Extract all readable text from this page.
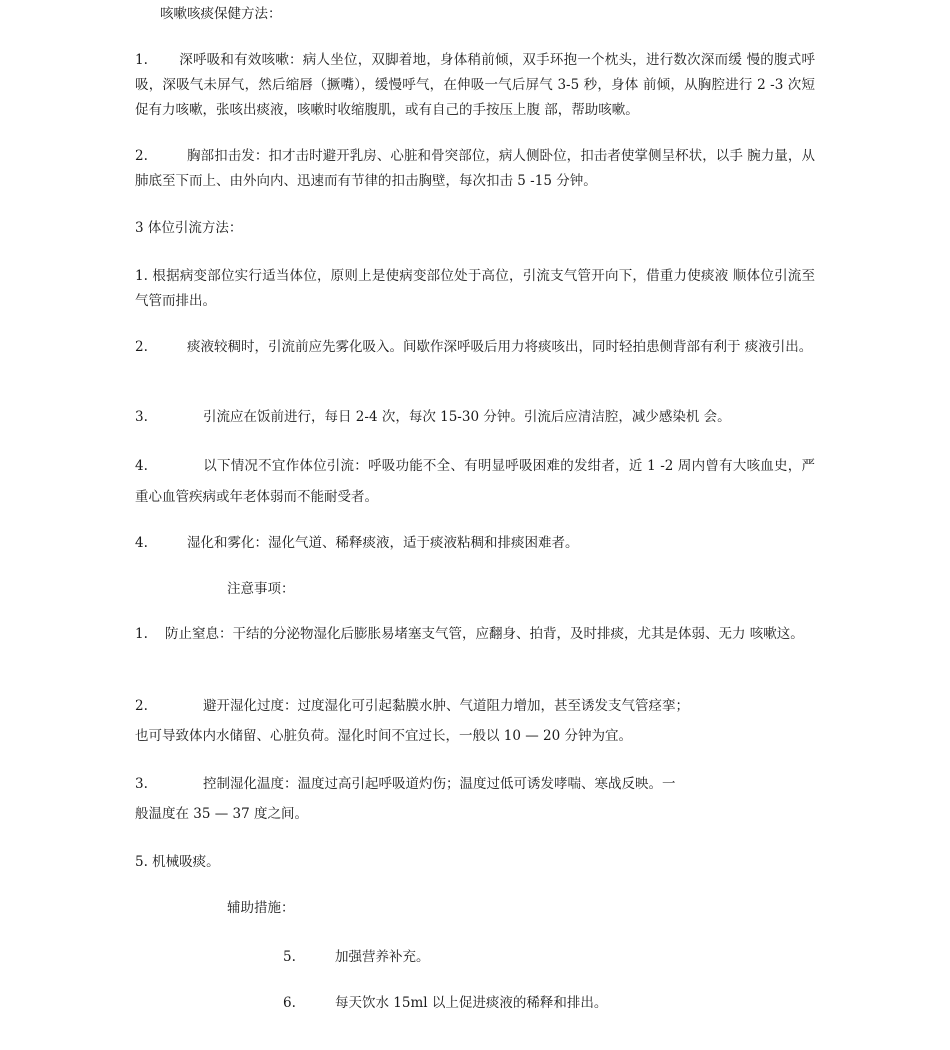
咳嗽咳痰保健方法：
1. 深呼吸和有效咳嗽：病人坐位，双脚着地，身体稍前倾，双手环抱一个枕头，进行数次深而缓 慢的腹式呼吸，深吸气未屏气，然后缩唇（撅嘴），缓慢呼气，在伸吸一气后屏气 3-5 秒，身体 前倾，从胸腔进行 2 -3 次短促有力咳嗽，张咳出痰液，咳嗽时收缩腹肌，或有自己的手按压上腹 部，帮助咳嗽。
2.	胸部扣击发：扣才击时避开乳房、心脏和骨突部位，病人侧卧位，扣击者使掌侧呈杯状，以手 腕力量，从肺底至下而上、由外向内、迅速而有节律的扣击胸壁，每次扣击 5 -15 分钟。
3 体位引流方法：
1. 根据病变部位实行适当体位，原则上是使病变部位处于高位，引流支气管开向下，借重力使痰液 顺体位引流至气管而排出。
2.	痰液较稠时，引流前应先雾化吸入。间歇作深呼吸后用力将痰咳出，同时轻拍患侧背部有利于 痰液引出。
3.	引流应在饭前进行，每日 2-4 次，每次 15-30 分钟。引流后应清洁腔，减少感染机 会。
4.	以下情况不宜作体位引流：呼吸功能不全、有明显呼吸困难的发绀者，近 1 -2 周内曾有大咳血史，严重心血管疾病或年老体弱而不能耐受者。
4.	湿化和雾化：湿化气道、稀释痰液，适于痰液粘稠和排痰困难者。
注意事项：
1. 防止窒息：干结的分泌物湿化后膨胀易堵塞支气管，应翻身、拍背，及时排痰，尤其是体弱、无力 咳嗽这。
2.	避开湿化过度：过度湿化可引起黏膜水肿、气道阻力增加，甚至诱发支气管痉挛；
也可导致体内水储留、心脏负荷。湿化时间不宜过长，一般以 10 — 20 分钟为宜。
3.	控制湿化温度：温度过高引起呼吸道灼伤；温度过低可诱发哮喘、寒战反映。一
般温度在 35 — 37 度之间。
5. 机械吸痰。
辅助措施：
5.	加强营养补充。
6.	每天饮水 15ml 以上促进痰液的稀释和排出。
